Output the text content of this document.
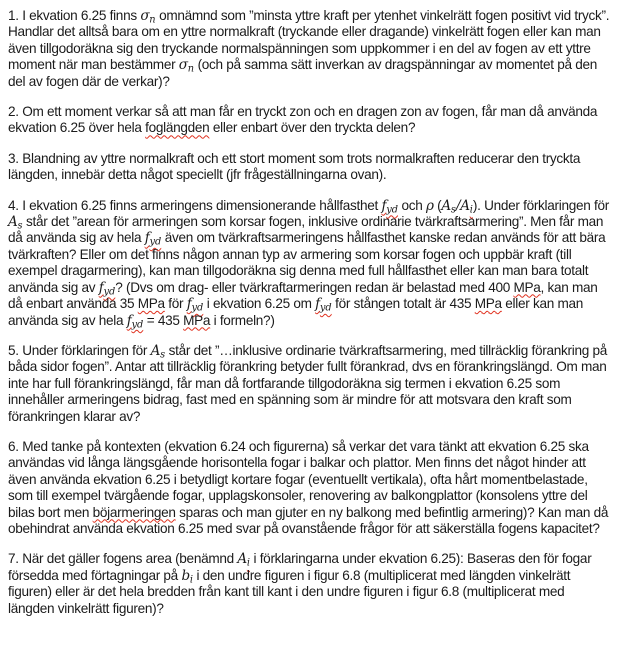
1. I ekvation 6.25 finns $\sigma_n$ omnämnd som ”minsta yttre kraft per ytenhet vinkelrätt fogen positivt vid tryck”. Handlar det alltså bara om en yttre normalkraft (tryckande eller dragande) vinkelrätt fogen eller kan man även tillgodoräkna sig den tryckande normalspänningen som uppkommer i en del av fogen av ett yttre moment när man bestämmer $\sigma_n$ (och på samma sätt inverkan av dragspänningar av momentet på den del av fogen där de verkar)?

2. Om ett moment verkar så att man får en tryckt zon och en dragen zon av fogen, får man då använda ekvation 6.25 över hela foglängden eller enbart över den tryckta delen?

3. Blandning av yttre normalkraft och ett stort moment som trots normalkraften reducerar den tryckta längden, innebär detta något speciellt (jfr frågeställningarna ovan).

4. I ekvation 6.25 finns armeringens dimensionerande hållfasthet $f_{yd}$ och ρ $(A_s/A_i)$. Under förklaringen för $A_s$ står det ”arean för armeringen som korsar fogen, inklusive ordinarie tvärkraftsarmering”. Men får man då använda sig av hela $f_{yd}$ även om tvärkraftsarmeringens hållfasthet kanske redan används för att bära tvärkraften? Eller om det finns någon annan typ av armering som korsar fogen och uppbär kraft (till exempel dragarmering), kan man tillgodoräkna sig denna med full hållfasthet eller kan man bara totalt använda sig av $f_{yd}$? (Dvs om drag- eller tvärkraftarmeringen redan är belastad med 400 MPa, kan man då enbart använda 35 MPa för $f_{yd}$ i ekvation 6.25 om $f_{yd}$ för stången totalt är 435 MPa eller kan man använda sig av hela $f_{yd} = 435$ MPa i formeln?)

5. Under förklaringen för $A_s$ står det ”…inklusive ordinarie tvärkraftsarmering, med tillräcklig förankring på båda sidor fogen”. Antar att tillräcklig förankring betyder fullt förankrad, dvs en förankringslängd. Om man inte har full förankringslängd, får man då fortfarande tillgodoräkna sig termen i ekvation 6.25 som innehåller armeringens bidrag, fast med en spänning som är mindre för att motsvara den kraft som förankringen klarar av?

6. Med tanke på kontexten (ekvation 6.24 och figurerna) så verkar det vara tänkt att ekvation 6.25 ska användas vid långa längsgående horisontella fogar i balkar och plattor. Men finns det något hinder att även använda ekvation 6.25 i betydligt kortare fogar (eventuellt vertikala), ofta hårt momentbelastade, som till exempel tvärgående fogar, upplagskonsoler, renovering av balkongplattor (konsolens yttre del bilas bort men böjarmeringen sparas och man gjuter en ny balkong med befintlig armering)? Kan man då obehindrat använda ekvation 6.25 med svar på ovanstående frågor för att säkerställa fogens kapacitet?

7. När det gäller fogens area (benämnd $A_i$ i förklaringarna under ekvation 6.25): Baseras den för fogar försedda med förtagningar på $b_i$ i den undre figuren i figur 6.8 (multiplicerat med längden vinkelrätt figuren) eller är det hela bredden från kant till kant i den undre figuren i figur 6.8 (multiplicerat med längden vinkelrätt figuren)?
